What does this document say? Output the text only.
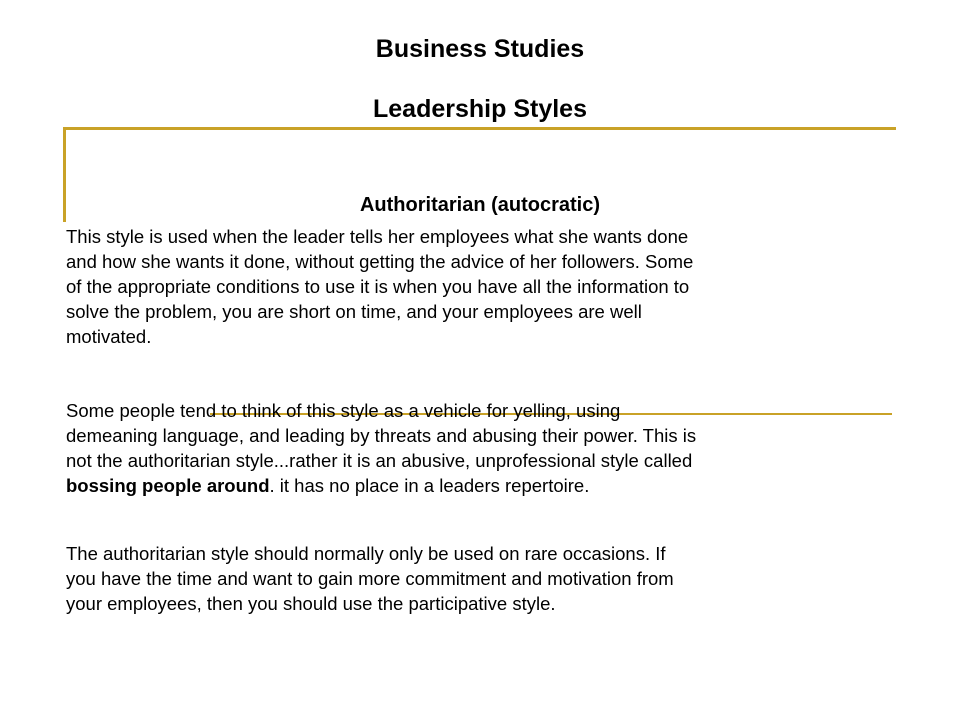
Business Studies
Leadership Styles
Authoritarian (autocratic)

This style is used when the leader tells her employees what she wants done
and how she wants it done, without getting the advice of her followers. Some
of the appropriate conditions to use it is when you have all the information to
solve the problem, you are short on time, and your employees are well
motivated.

Some people tend to think of this style as a vehicle for yelling, using
demeaning language, and leading by threats and abusing their power. This is
not the authoritarian style...rather it is an abusive, unprofessional style called
bossing people around. it has no place in a leaders repertoire.

The authoritarian style should normally only be used on rare occasions. If
you have the time and want to gain more commitment and motivation from
your employees, then you should use the participative style.
